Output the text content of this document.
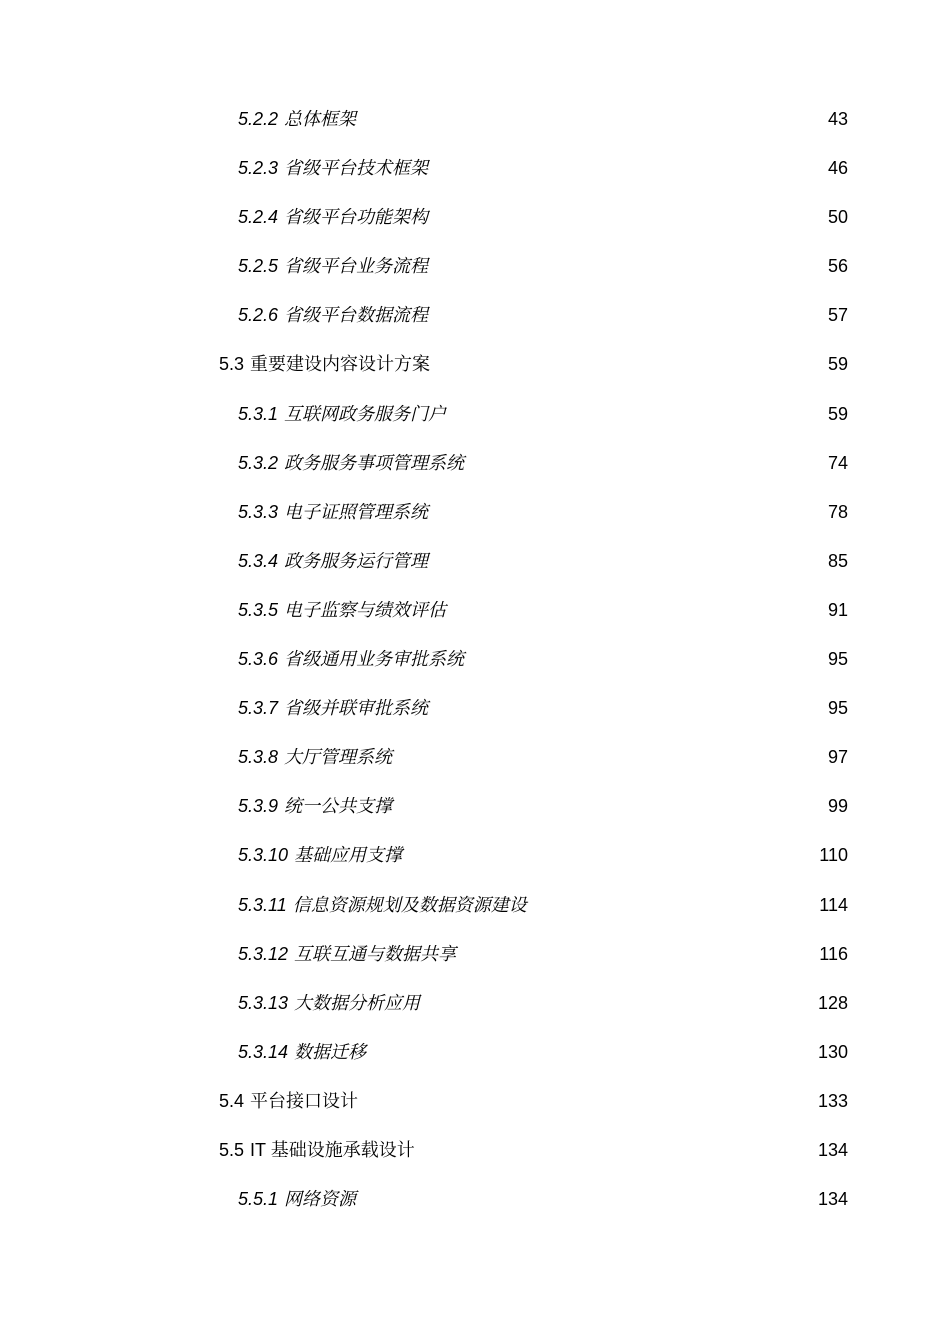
5.2.2 总体框架	43
5.2.3 省级平台技术框架	46
5.2.4 省级平台功能架构	50
5.2.5 省级平台业务流程	56
5.2.6 省级平台数据流程	57
5.3 重要建设内容设计方案	59
5.3.1 互联网政务服务门户	59
5.3.2 政务服务事项管理系统	74
5.3.3 电子证照管理系统	78
5.3.4 政务服务运行管理	85
5.3.5 电子监察与绩效评估	91
5.3.6 省级通用业务审批系统	95
5.3.7 省级并联审批系统	95
5.3.8 大厅管理系统	97
5.3.9 统一公共支撑	99
5.3.10 基础应用支撑	110
5.3.11 信息资源规划及数据资源建设	114
5.3.12 互联互通与数据共享	116
5.3.13 大数据分析应用	128
5.3.14 数据迁移	130
5.4 平台接口设计	133
5.5 IT 基础设施承载设计	134
5.5.1 网络资源	134
